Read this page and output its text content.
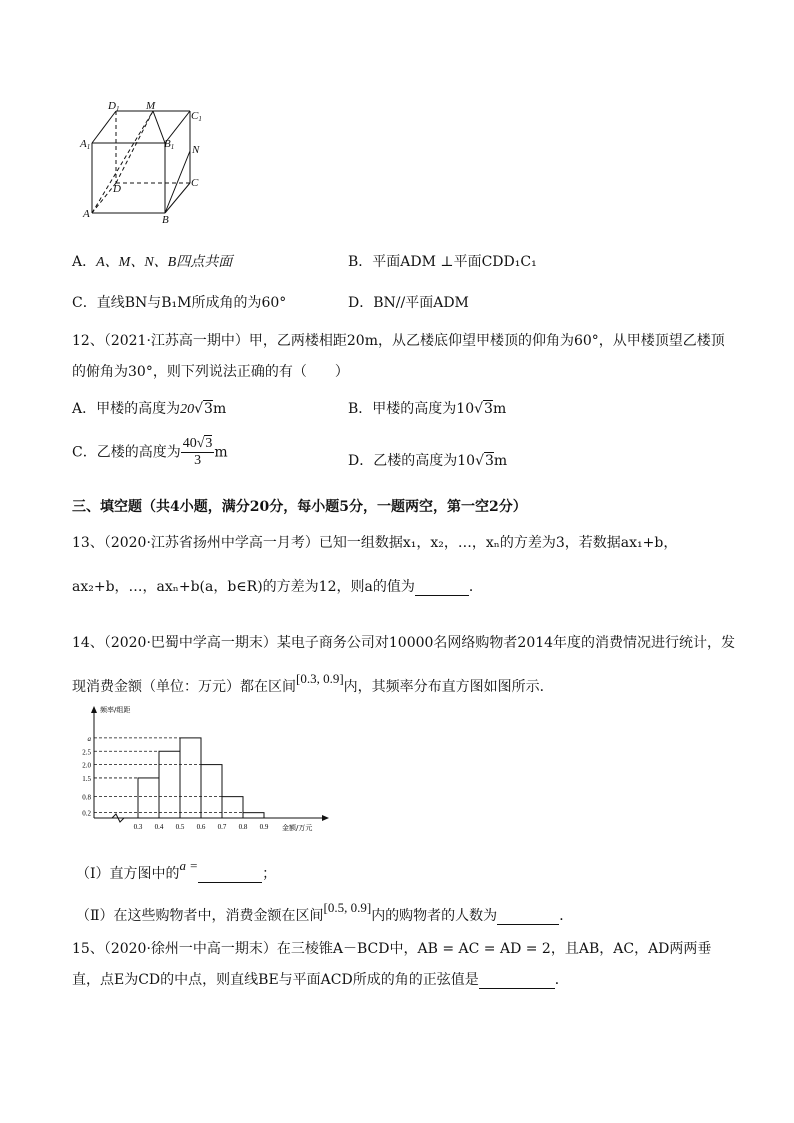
D1 M
C1
A1	B1 N
D	C
A	B
A．A、M、N、B四点共面	B．平面ADM ⊥平面CDD₁C₁
C．直线BN与B₁M所成角的为60°	D．BN//平面ADM
12、（2021·江苏高一期中）甲，乙两楼相距20m，从乙楼底仰望甲楼顶的仰角为60°，从甲楼顶望乙楼顶
的俯角为30°，则下列说法正确的有（　　）
A．甲楼的高度为20√3m	B．甲楼的高度为10√3m
C．乙楼的高度为 $\frac{40√3}{3}$ m
D．乙楼的高度为10√3m
三、填空题（共4小题，满分20分，每小题5分，一题两空，第一空2分）
13、（2020·江苏省扬州中学高一月考）已知一组数据x₁，x₂，…，xₙ的方差为3，若数据ax₁+b，
ax₂+b，…，axₙ+b(a，b∈R)的方差为12，则a的值为	．
14、（2020·巴蜀中学高一期末）某电子商务公司对10000名网络购物者2014年度的消费情况进行统计，发
现消费金额（单位：万元）都在区间[0.3, 0.9]内，其频率分布直方图如图所示．
0.2
0.8
1.5
2.0
2.5
a
0.3 0.4 0.5 0.6 0.7 0.8 0.9
频率/组距
金额/万元
（Ⅰ）直方图中的a =；
（Ⅱ）在这些购物者中，消费金额在区间[0.5, 0.9]内的购物者的人数为	．
15、（2020·徐州一中高一期末）在三棱锥A－BCD中，AB = AC = AD = 2，且AB，AC，AD两两垂
直，点E为CD的中点，则直线BE与平面ACD所成的角的正弦值是	．
